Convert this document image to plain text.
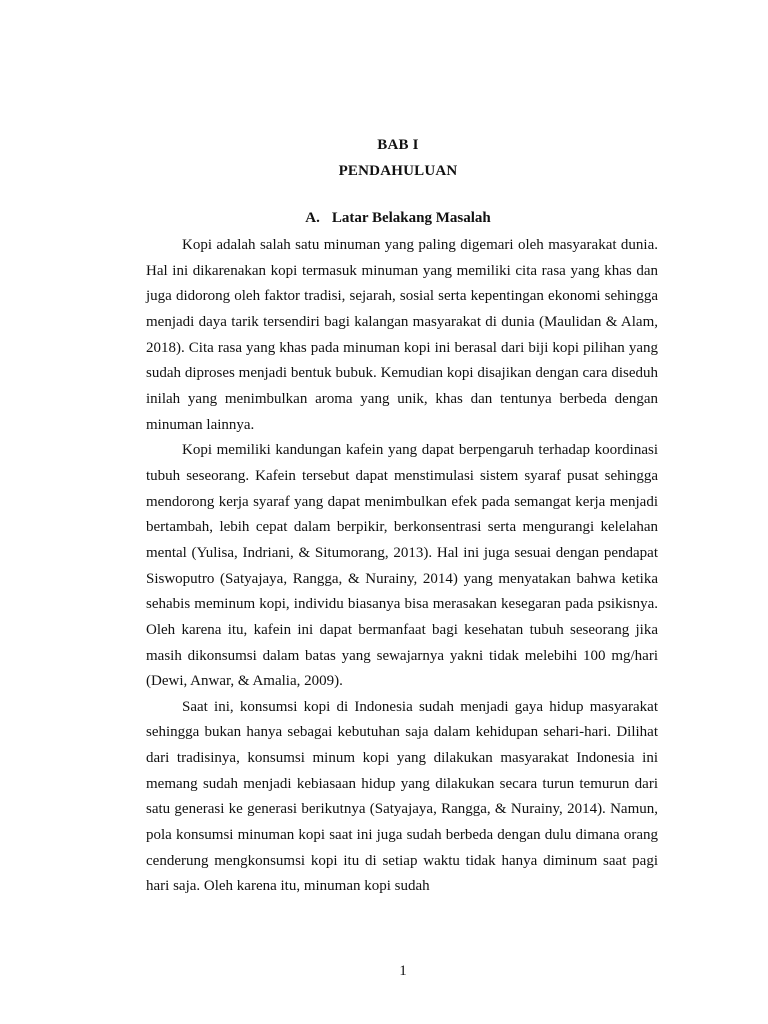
BAB I
PENDAHULUAN
A. Latar Belakang Masalah

Kopi adalah salah satu minuman yang paling digemari oleh masyarakat dunia. Hal ini dikarenakan kopi termasuk minuman yang memiliki cita rasa yang khas dan juga didorong oleh faktor tradisi, sejarah, sosial serta kepentingan ekonomi sehingga menjadi daya tarik tersendiri bagi kalangan masyarakat di dunia (Maulidan & Alam, 2018). Cita rasa yang khas pada minuman kopi ini berasal dari biji kopi pilihan yang sudah diproses menjadi bentuk bubuk. Kemudian kopi disajikan dengan cara diseduh inilah yang menimbulkan aroma yang unik, khas dan tentunya berbeda dengan minuman lainnya.

Kopi memiliki kandungan kafein yang dapat berpengaruh terhadap koordinasi tubuh seseorang. Kafein tersebut dapat menstimulasi sistem syaraf pusat sehingga mendorong kerja syaraf yang dapat menimbulkan efek pada semangat kerja menjadi bertambah, lebih cepat dalam berpikir, berkonsentrasi serta mengurangi kelelahan mental (Yulisa, Indriani, & Situmorang, 2013). Hal ini juga sesuai dengan pendapat Siswoputro (Satyajaya, Rangga, & Nurainy, 2014) yang menyatakan bahwa ketika sehabis meminum kopi, individu biasanya bisa merasakan kesegaran pada psikisnya. Oleh karena itu, kafein ini dapat bermanfaat bagi kesehatan tubuh seseorang jika masih dikonsumsi dalam batas yang sewajarnya yakni tidak melebihi 100 mg/hari (Dewi, Anwar, & Amalia, 2009).

Saat ini, konsumsi kopi di Indonesia sudah menjadi gaya hidup masyarakat sehingga bukan hanya sebagai kebutuhan saja dalam kehidupan sehari-hari. Dilihat dari tradisinya, konsumsi minum kopi yang dilakukan masyarakat Indonesia ini memang sudah menjadi kebiasaan hidup yang dilakukan secara turun temurun dari satu generasi ke generasi berikutnya (Satyajaya, Rangga, & Nurainy, 2014). Namun, pola konsumsi minuman kopi saat ini juga sudah berbeda dengan dulu dimana orang cenderung mengkonsumsi kopi itu di setiap waktu tidak hanya diminum saat pagi hari saja. Oleh karena itu, minuman kopi sudah

1
